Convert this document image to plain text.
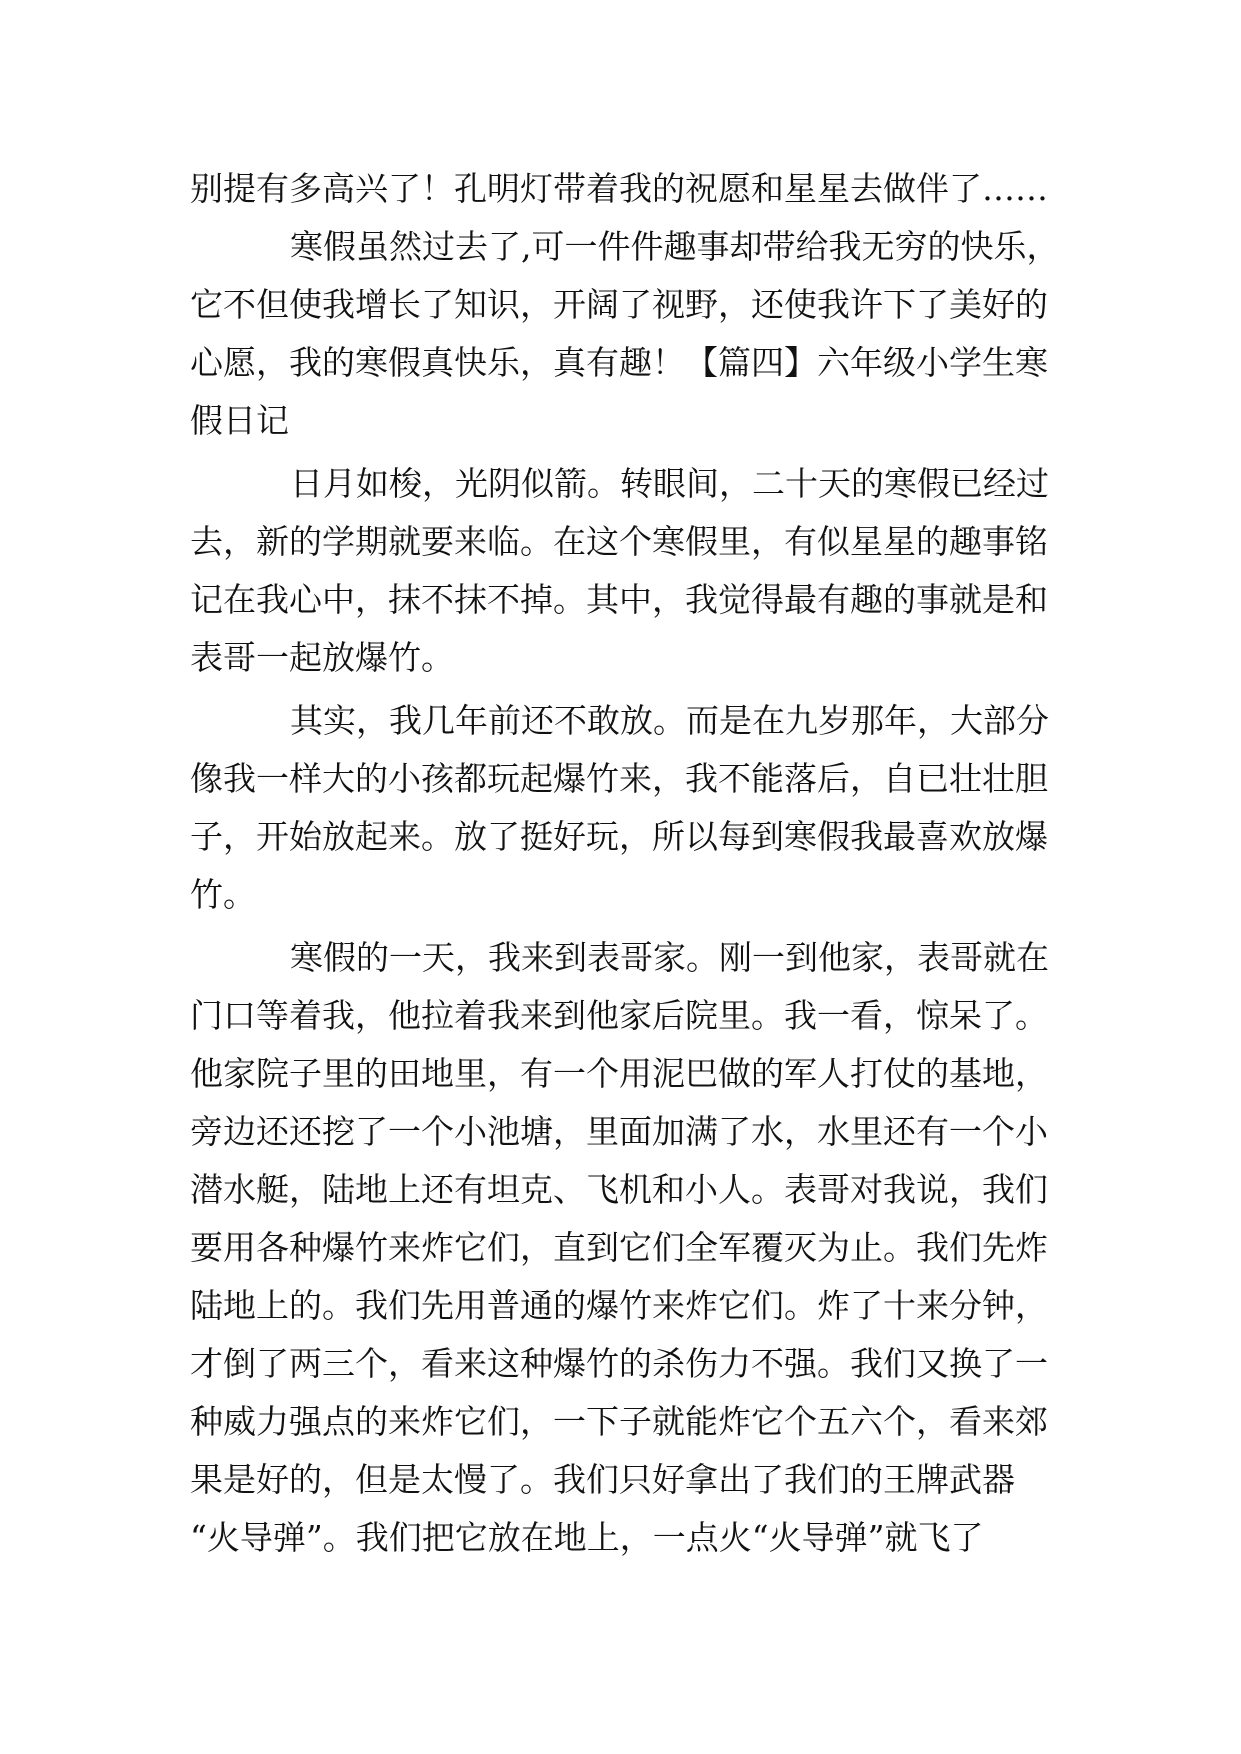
别提有多高兴了！孔明灯带着我的祝愿和星星去做伴了……
寒假虽然过去了,可一件件趣事却带给我无穷的快乐，
它不但使我增长了知识，开阔了视野，还使我许下了美好的
心愿，我的寒假真快乐，真有趣！【篇四】六年级小学生寒
假日记
日月如梭，光阴似箭。转眼间，二十天的寒假已经过
去，新的学期就要来临。在这个寒假里，有似星星的趣事铭
记在我心中，抹不抹不掉。其中，我觉得最有趣的事就是和
表哥一起放爆竹。
其实，我几年前还不敢放。而是在九岁那年，大部分
像我一样大的小孩都玩起爆竹来，我不能落后，自已壮壮胆
子，开始放起来。放了挺好玩，所以每到寒假我最喜欢放爆
竹。
寒假的一天，我来到表哥家。刚一到他家，表哥就在
门口等着我，他拉着我来到他家后院里。我一看，惊呆了。
他家院子里的田地里，有一个用泥巴做的军人打仗的基地，
旁边还还挖了一个小池塘，里面加满了水，水里还有一个小
潜水艇，陆地上还有坦克、飞机和小人。表哥对我说，我们
要用各种爆竹来炸它们，直到它们全军覆灭为止。我们先炸
陆地上的。我们先用普通的爆竹来炸它们。炸了十来分钟，
才倒了两三个，看来这种爆竹的杀伤力不强。我们又换了一
种威力强点的来炸它们，一下子就能炸它个五六个，看来郊
果是好的，但是太慢了。我们只好拿出了我们的王牌武器
“火导弹”。我们把它放在地上，一点火“火导弹”就飞了
